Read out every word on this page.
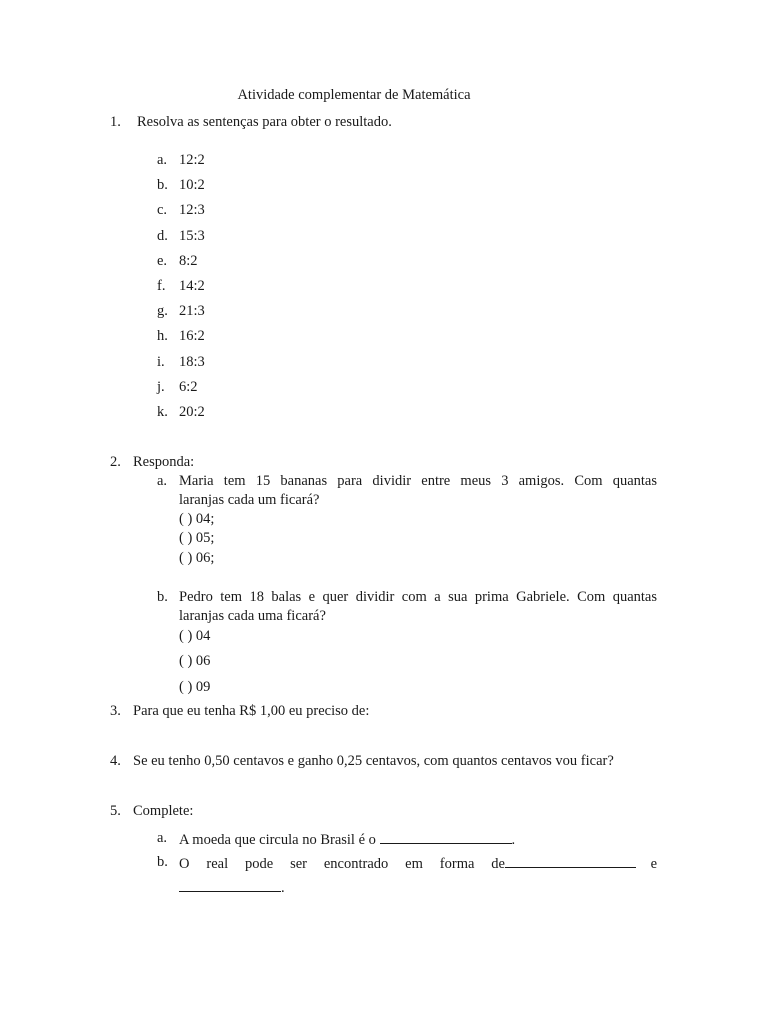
Atividade complementar de Matemática
1. Resolva as sentenças para obter o resultado.
a. 12:2
b. 10:2
c. 12:3
d. 15:3
e. 8:2
f. 14:2
g. 21:3
h. 16:2
i. 18:3
j. 6:2
k. 20:2
2. Responda:
a. Maria tem 15 bananas para dividir entre meus 3 amigos. Com quantas
laranjas cada um ficará?
( ) 04;
( ) 05;
( ) 06;
b. Pedro tem 18 balas e quer dividir com a sua prima Gabriele. Com quantas
laranjas cada uma ficará?
( ) 04
( ) 06
( ) 09
3. Para que eu tenha R$ 1,00 eu preciso de:
4. Se eu tenho 0,50 centavos e ganho 0,25 centavos, com quantos centavos vou ficar?
5. Complete:
a. A moeda que circula no Brasil é o	.
b. O real pode ser encontrado em forma de	e
.
